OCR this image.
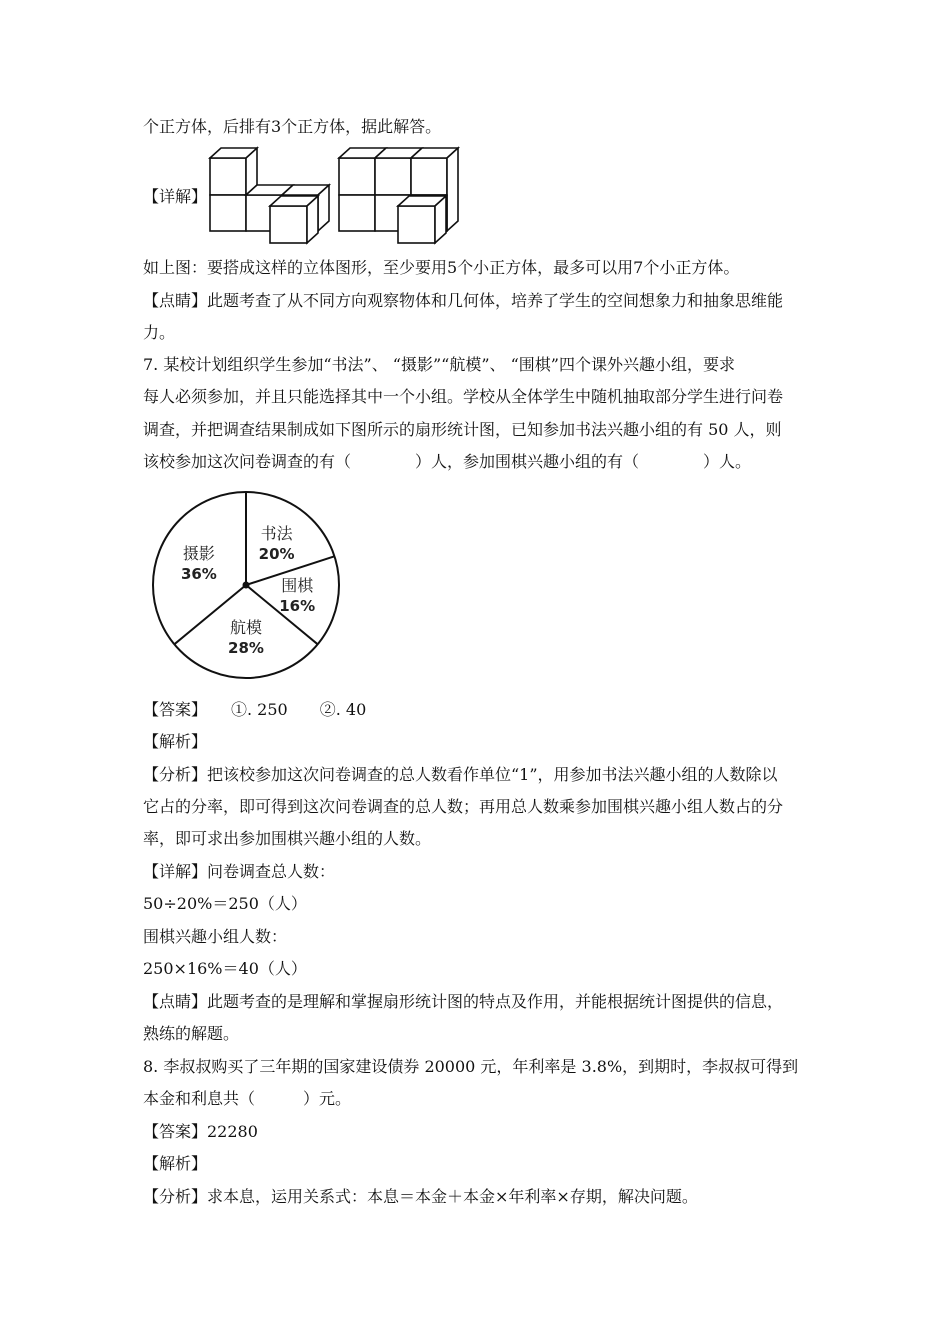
个正方体，后排有3个正方体，据此解答。
【详解】
如上图：要搭成这样的立体图形，至少要用5个小正方体，最多可以用7个小正方体。
【点睛】此题考查了从不同方向观察物体和几何体，培养了学生的空间想象力和抽象思维能
力。
7. 某校计划组织学生参加“书法”、 “摄影”“航模”、 “围棋”四个课外兴趣小组，要求
每人必须参加，并且只能选择其中一个小组。学校从全体学生中随机抽取部分学生进行问卷
调查，并把调查结果制成如下图所示的扇形统计图，已知参加书法兴趣小组的有 50 人，则
该校参加这次问卷调查的有（　　　　）人，参加围棋兴趣小组的有（　　　　）人。
书法
20%
围棋
16%
航模
28%
摄影
36%
【答案】　　①. 250　　②. 40
【解析】
【分析】把该校参加这次问卷调查的总人数看作单位“1”，用参加书法兴趣小组的人数除以
它占的分率，即可得到这次问卷调查的总人数；再用总人数乘参加围棋兴趣小组人数占的分
率，即可求出参加围棋兴趣小组的人数。
【详解】问卷调查总人数：
50÷20%＝250（人）
围棋兴趣小组人数：
250×16%＝40（人）
【点睛】此题考查的是理解和掌握扇形统计图的特点及作用，并能根据统计图提供的信息，
熟练的解题。
8. 李叔叔购买了三年期的国家建设债券 20000 元，年利率是 3.8%，到期时，李叔叔可得到
本金和利息共（　　　）元。
【答案】22280
【解析】
【分析】求本息，运用关系式：本息＝本金＋本金×年利率×存期，解决问题。
